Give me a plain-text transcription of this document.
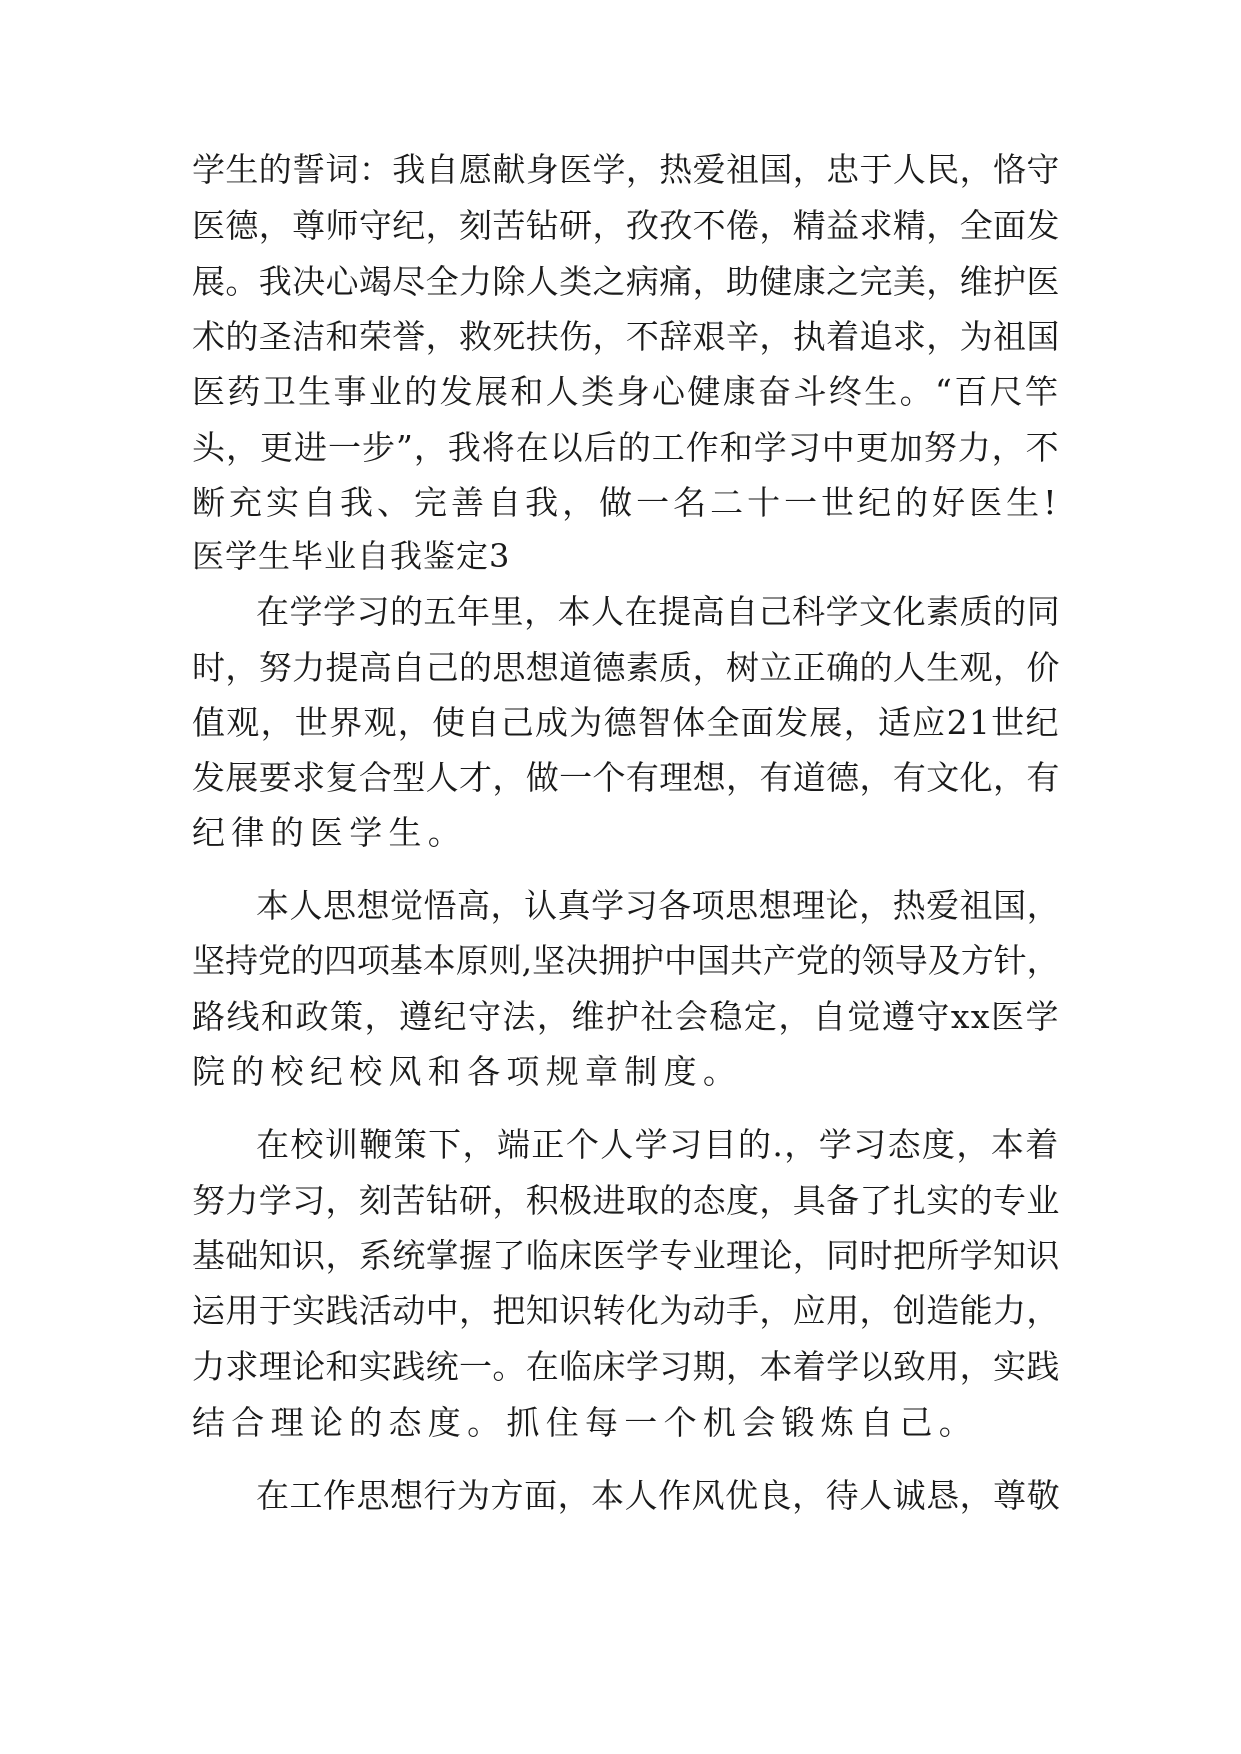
学生的誓词：我自愿献身医学，热爱祖国，忠于人民，恪守
医德，尊师守纪，刻苦钻研，孜孜不倦，精益求精，全面发
展。我决心竭尽全力除人类之病痛，助健康之完美，维护医
术的圣洁和荣誉，救死扶伤，不辞艰辛，执着追求，为祖国
医药卫生事业的发展和人类身心健康奋斗终生。“百尺竿
头，更进一步”，我将在以后的工作和学习中更加努力，不
断充实自我、完善自我，做一名二十一世纪的好医生!
医学生毕业自我鉴定3
在学学习的五年里，本人在提高自己科学文化素质的同
时，努力提高自己的思想道德素质，树立正确的人生观，价
值观，世界观，使自己成为德智体全面发展，适应21世纪
发展要求复合型人才，做一个有理想，有道德，有文化，有
纪律的医学生。
本人思想觉悟高，认真学习各项思想理论，热爱祖国，
坚持党的四项基本原则,坚决拥护中国共产党的领导及方针，
路线和政策，遵纪守法，维护社会稳定，自觉遵守xx医学
院的校纪校风和各项规章制度。
在校训鞭策下，端正个人学习目的.，学习态度，本着
努力学习，刻苦钻研，积极进取的态度，具备了扎实的专业
基础知识，系统掌握了临床医学专业理论，同时把所学知识
运用于实践活动中，把知识转化为动手，应用，创造能力，
力求理论和实践统一。在临床学习期，本着学以致用，实践
结合理论的态度。抓住每一个机会锻炼自己。
在工作思想行为方面，本人作风优良，待人诚恳，尊敬
